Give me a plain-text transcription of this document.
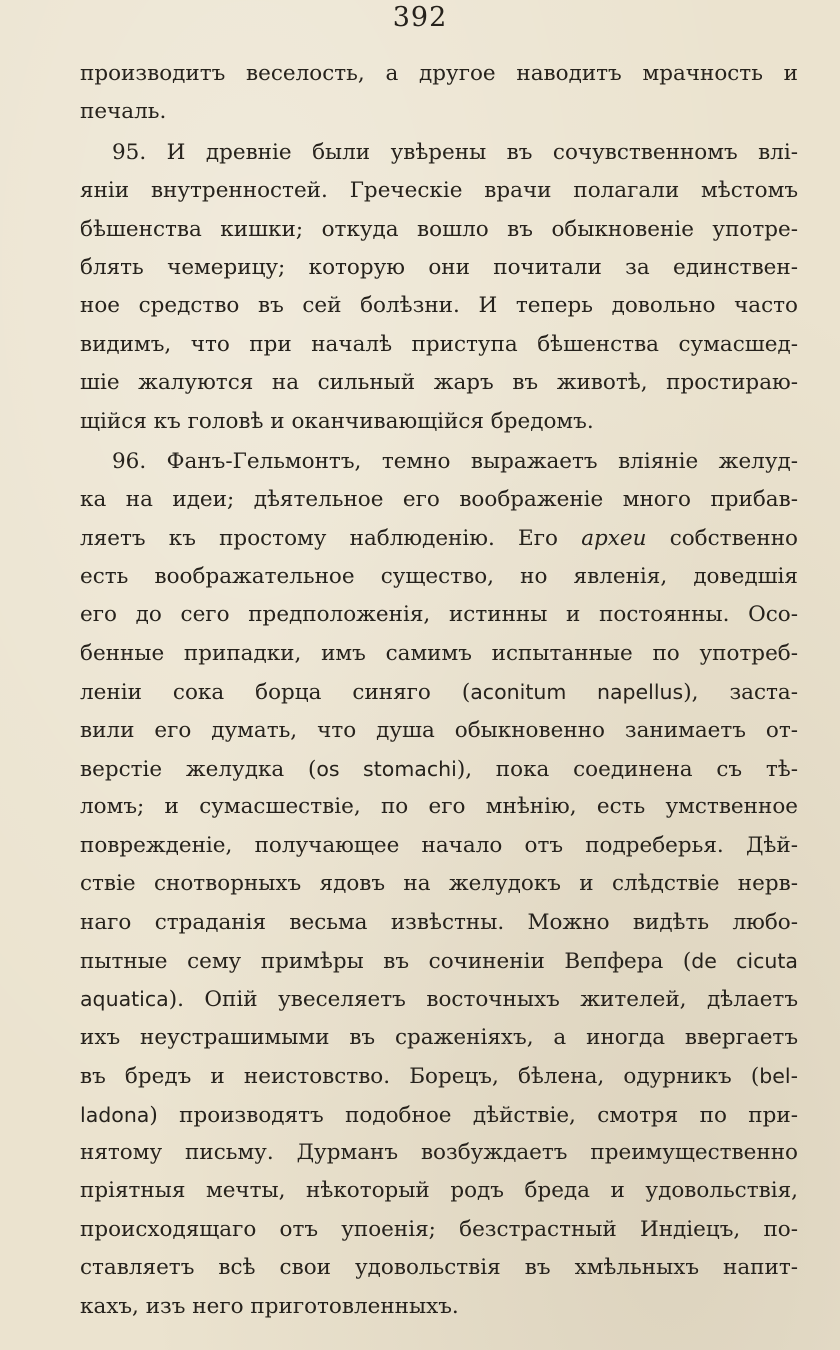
392
производитъ веселость, а другое наводитъ мрачность и
печаль.
95. И древніе были увѣрены въ сочувственномъ влі-
яніи внутренностей. Греческіе врачи полагали мѣстомъ
бѣшенства кишки; откуда вошло въ обыкновеніе употре-
блять чемерицу; которую они почитали за единствен-
ное средство въ сей болѣзни. И теперь довольно часто
видимъ, что при началѣ приступа бѣшенства сумасшед-
шіе жалуются на сильный жаръ въ животѣ, простираю-
щійся къ головѣ и оканчивающійся бредомъ.
96. Фанъ-Гельмонтъ, темно выражаетъ вліяніе желуд-
ка на идеи; дѣятельное его воображеніе много прибав-
ляетъ къ простому наблюденію. Его археи собственно
есть воображательное существо, но явленія, доведшія
его до сего предположенія, истинны и постоянны. Осо-
бенные припадки, имъ самимъ испытанные по употреб-
леніи сока борца синяго (aconitum napellus), заста-
вили его думать, что душа обыкновенно занимаетъ от-
верстіе желудка (os stomachi), пока соединена съ тѣ-
ломъ; и сумасшествіе, по его мнѣнію, есть умственное
поврежденіе, получающее начало отъ подреберья. Дѣй-
ствіе снотворныхъ ядовъ на желудокъ и слѣдствіе нерв-
наго страданія весьма извѣстны. Можно видѣть любо-
пытные сему примѣры въ сочиненіи Вепфера (de cicuta
aquatica). Опій увеселяетъ восточныхъ жителей, дѣлаетъ
ихъ неустрашимыми въ сраженіяхъ, а иногда ввергаетъ
въ бредъ и неистовство. Борецъ, бѣлена, одурникъ (bel-
ladona) производятъ подобное дѣйствіе, смотря по при-
нятому письму. Дурманъ возбуждаетъ преимущественно
пріятныя мечты, нѣкоторый родъ бреда и удовольствія,
происходящаго отъ упоенія; безстрастный Индіецъ, по-
ставляетъ всѣ свои удовольствія въ хмѣльныхъ напит-
кахъ, изъ него приготовленныхъ.
